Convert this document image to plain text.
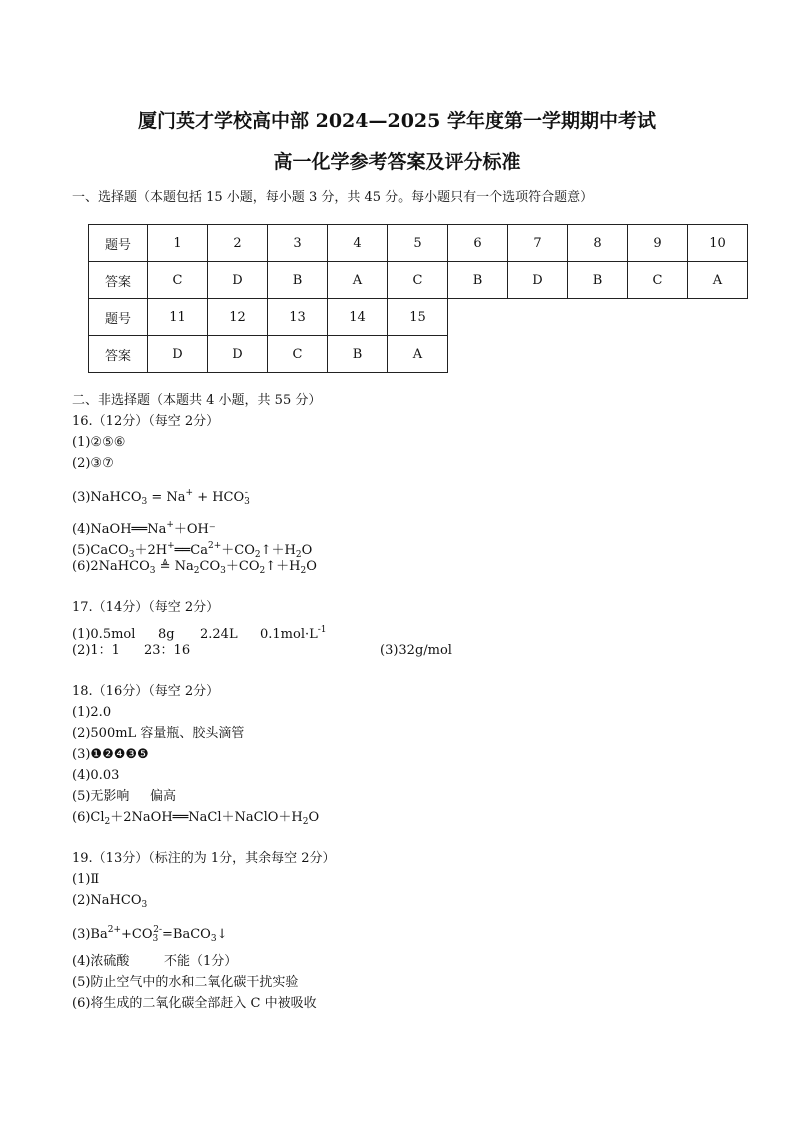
厦门英才学校高中部 2024—2025 学年度第一学期期中考试
高一化学参考答案及评分标准
一、选择题（本题包括 15 小题，每小题 3 分，共 45 分。每小题只有一个选项符合题意）
题号	1	2	3	4	5	6	7	8	9	10
答案	C	D	B	A	C	B	D	B	C	A
题号	11	12	13	14	15
答案	D	D	C	B	A
二、非选择题（本题共 4 小题，共 55 分）
16.（12分）（每空 2分）
(1)②⑤⑥
(2)③⑦
(3)NaHCO$_3$ = $Na^+ + HCO_3^-$
(4)NaOH══Na+＋OH⁻
$(5)CaCO_3+2H^+══Ca^{2+}+CO_2↑+H_2O$
(6)2NaHCO$_3$ ≜ $Na_2CO_3+CO_2↑+H_2O$
17.（14分）（每空 2分）
(1)0.5mol 8g 2.24L $0.1mol\cdot L^{-1}$
(2)1：1 23：16	(3)32g/mol
18.（16分）（每空 2分）
(1)2.0
(2)500mL 容量瓶、胶头滴管
(3)❶❷❹❸❺
(4)0.03
(5)无影响 偏高
$(6)Cl_2+2NaOH══NaCl+NaClO+H_2O$
19.（13分）（标注的为 1分，其余每空 2分）
(1)Ⅱ
(2)NaHCO$_3$
$(3)Ba^{2+}+CO_3^{2-}=BaCO_3↓$
(4)浓硫酸	不能（1分）
(5)防止空气中的水和二氧化碳干扰实验
(6)将生成的二氧化碳全部赶入 C 中被吸收
